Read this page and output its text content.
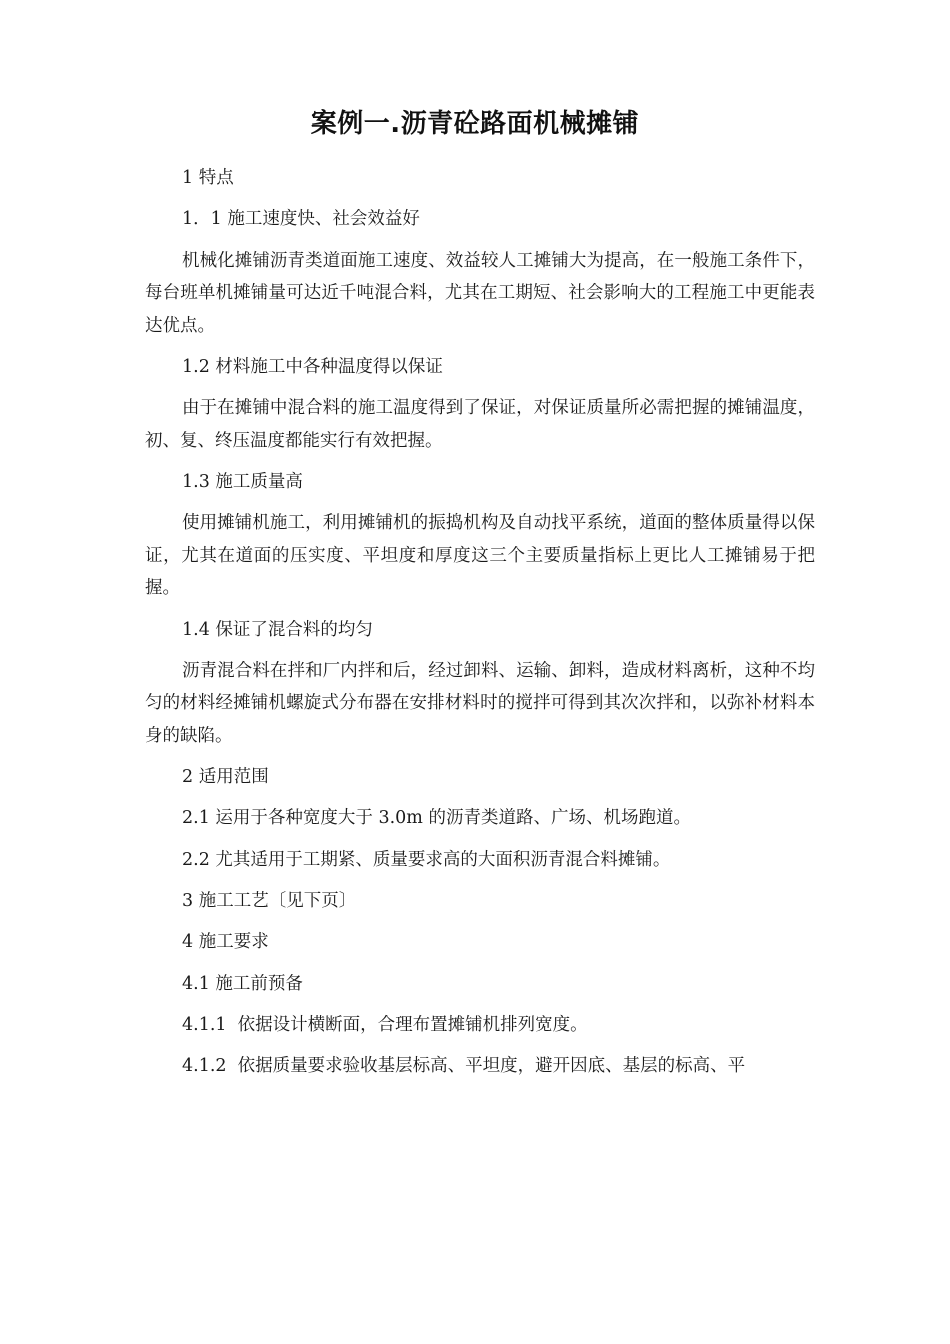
案例一.沥青砼路面机械摊铺

1 特点

1．1 施工速度快、社会效益好

机械化摊铺沥青类道面施工速度、效益较人工摊铺大为提高，在一般施工条件下，每台班单机摊铺量可达近千吨混合料，尤其在工期短、社会影响大的工程施工中更能表达优点。

1.2 材料施工中各种温度得以保证

由于在摊铺中混合料的施工温度得到了保证，对保证质量所必需把握的摊铺温度，初、复、终压温度都能实行有效把握。

1.3 施工质量高

使用摊铺机施工，利用摊铺机的振捣机构及自动找平系统，道面的整体质量得以保证，尤其在道面的压实度、平坦度和厚度这三个主要质量指标上更比人工摊铺易于把握。

1.4 保证了混合料的均匀

沥青混合料在拌和厂内拌和后，经过卸料、运输、卸料，造成材料离析，这种不均匀的材料经摊铺机螺旋式分布器在安排材料时的搅拌可得到其次次拌和，以弥补材料本身的缺陷。

2 适用范围

2.1 运用于各种宽度大于 3.0m 的沥青类道路、广场、机场跑道。

2.2 尤其适用于工期紧、质量要求高的大面积沥青混合料摊铺。

3 施工工艺〔见下页〕

4 施工要求

4.1 施工前预备

4.1.1  依据设计横断面，合理布置摊铺机排列宽度。

4.1.2  依据质量要求验收基层标高、平坦度，避开因底、基层的标高、平
